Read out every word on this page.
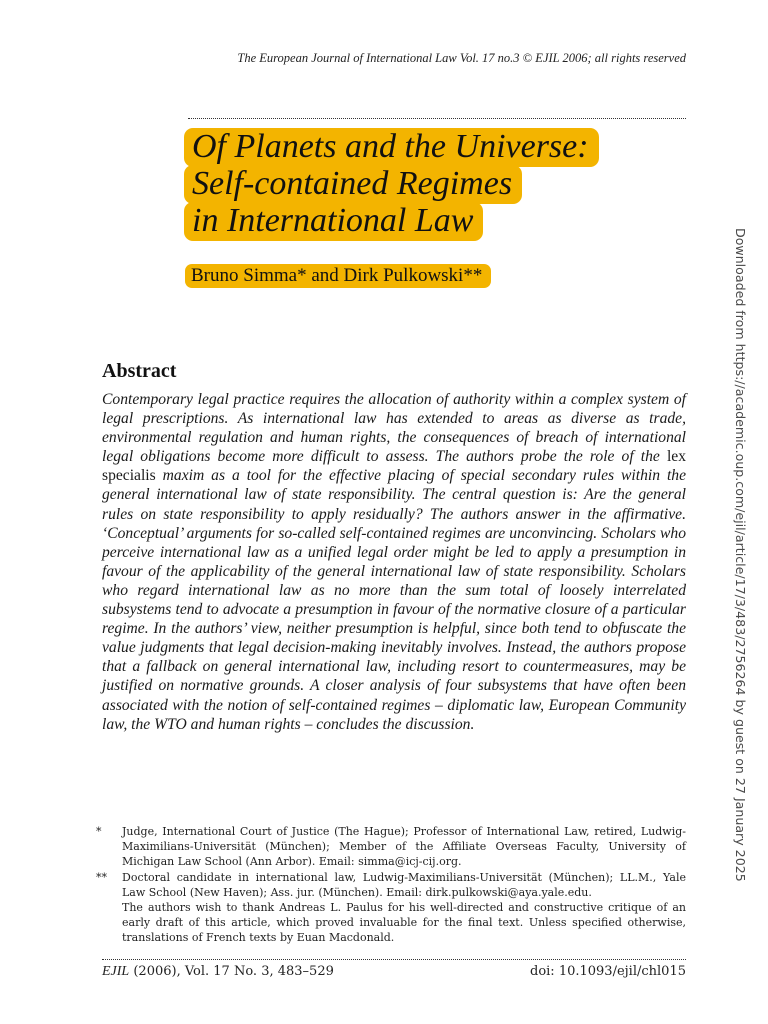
The European Journal of International Law Vol. 17 no.3 © EJIL 2006; all rights reserved
Of Planets and the Universe:
Self-contained Regimes
in International Law

Bruno Simma* and Dirk Pulkowski**

Abstract

Contemporary legal practice requires the allocation of authority within a complex system of legal prescriptions. As international law has extended to areas as diverse as trade, environmental regulation and human rights, the consequences of breach of international legal obligations become more difficult to assess. The authors probe the role of the lex specialis maxim as a tool for the effective placing of special secondary rules within the general international law of state responsibility. The central question is: Are the general rules on state responsibility to apply residually? The authors answer in the affirmative. ‘Conceptual’ arguments for so-called self-contained regimes are unconvincing. Scholars who perceive international law as a unified legal order might be led to apply a presumption in favour of the applicability of the general international law of state responsibility. Scholars who regard international law as no more than the sum total of loosely interrelated subsystems tend to advocate a presumption in favour of the normative closure of a particular regime. In the authors’ view, neither presumption is helpful, since both tend to obfuscate the value judgments that legal decision-making inevitably involves. Instead, the authors propose that a fallback on general international law, including resort to countermeasures, may be justified on normative grounds. A closer analysis of four subsystems that have often been associated with the notion of self-contained regimes – diplomatic law, European Community law, the WTO and human rights – concludes the discussion.

*	Judge, International Court of Justice (The Hague); Professor of International Law, retired, Ludwig-Maximilians-Universität (München); Member of the Affiliate Overseas Faculty, University of Michigan Law School (Ann Arbor). Email: simma@icj-cij.org.
**	Doctoral candidate in international law, Ludwig-Maximilians-Universität (München); LL.M., Yale Law School (New Haven); Ass. jur. (München). Email: dirk.pulkowski@aya.yale.edu.
The authors wish to thank Andreas L. Paulus for his well-directed and constructive critique of an early draft of this article, which proved invaluable for the final text. Unless specified otherwise, translations of French texts by Euan Macdonald.
EJIL (2006), Vol. 17 No. 3, 483–529	doi: 10.1093/ejil/chl015
Downloaded from https://academic.oup.com/ejil/article/17/3/483/2756264 by guest on 27 January 2025
